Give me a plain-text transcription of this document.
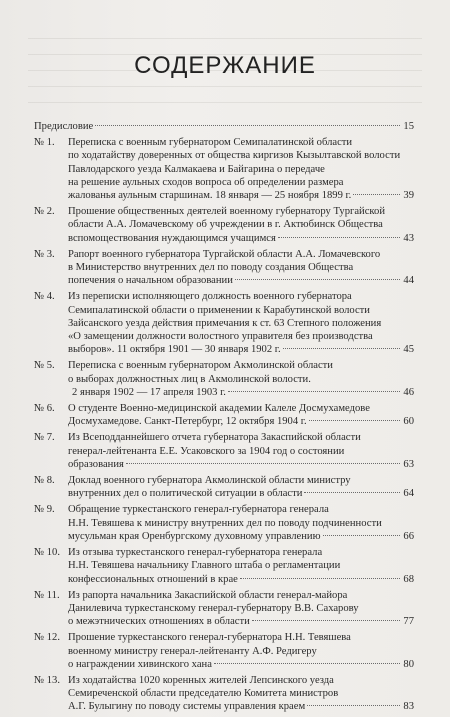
СОДЕРЖАНИЕ
Предисловие	15
№ 1.	Переписка с военным губернатором Семипалатинской области
по ходатайству доверенных от общества киргизов Кызылтавской волости
Павлодарского уезда Калмакаева и Байгарина о передаче
на решение аульных сходов вопроса об определении размера
жалованья аульным старшинам. 18 января — 25 ноября 1899 г.	39
№ 2.	Прошение общественных деятелей военному губернатору Тургайской
области А.А. Ломачевскому об учреждении в г. Актюбинск Общества
вспомоществования нуждающимся учащимся	43
№ 3.	Рапорт военного губернатора Тургайской области А.А. Ломачевского
в Министерство внутренних дел по поводу создания Общества
попечения о начальном образовании	44
№ 4.	Из переписки исполняющего должность военного губернатора
Семипалатинской области о применении к Карабутинской волости
Зайсанского уезда действия примечания к ст. 63 Степного положения
«О замещении должности волостного управителя без производства
выборов». 11 октября 1901 — 30 января 1902 г.	45
№ 5.	Переписка с военным губернатором Акмолинской области
о выборах должностных лиц в Акмолинской волости.
2 января 1902 — 17 апреля 1903 г.	46
№ 6.	О студенте Военно-медицинской академии Калеле Досмухамедове
Досмухамедове. Санкт-Петербург, 12 октября 1904 г.	60
№ 7.	Из Всеподданнейшего отчета губернатора Закаспийской области
генерал-лейтенанта Е.Е. Усаковского за 1904 год о состоянии
образования	63
№ 8.	Доклад военного губернатора Акмолинской области министру
внутренних дел о политической ситуации в области	64
№ 9.	Обращение туркестанского генерал-губернатора генерала
Н.Н. Тевяшева к министру внутренних дел по поводу подчиненности
мусульман края Оренбургскому духовному управлению	66
№ 10. Из отзыва туркестанского генерал-губернатора генерала
Н.Н. Тевяшева начальнику Главного штаба о регламентации
конфессиональных отношений в крае	68
№ 11. Из рапорта начальника Закаспийской области генерал-майора
Данилевича туркестанскому генерал-губернатору В.В. Сахарову
о межэтнических отношениях в области	77
№ 12. Прошение туркестанского генерал-губернатора Н.Н. Тевяшева
военному министру генерал-лейтенанту А.Ф. Редигеру
о награждении хивинского хана	80
№ 13. Из ходатайства 1020 коренных жителей Лепсинского уезда
Семиреченской области председателю Комитета министров
А.Г. Булыгину по поводу системы управления краем	83
